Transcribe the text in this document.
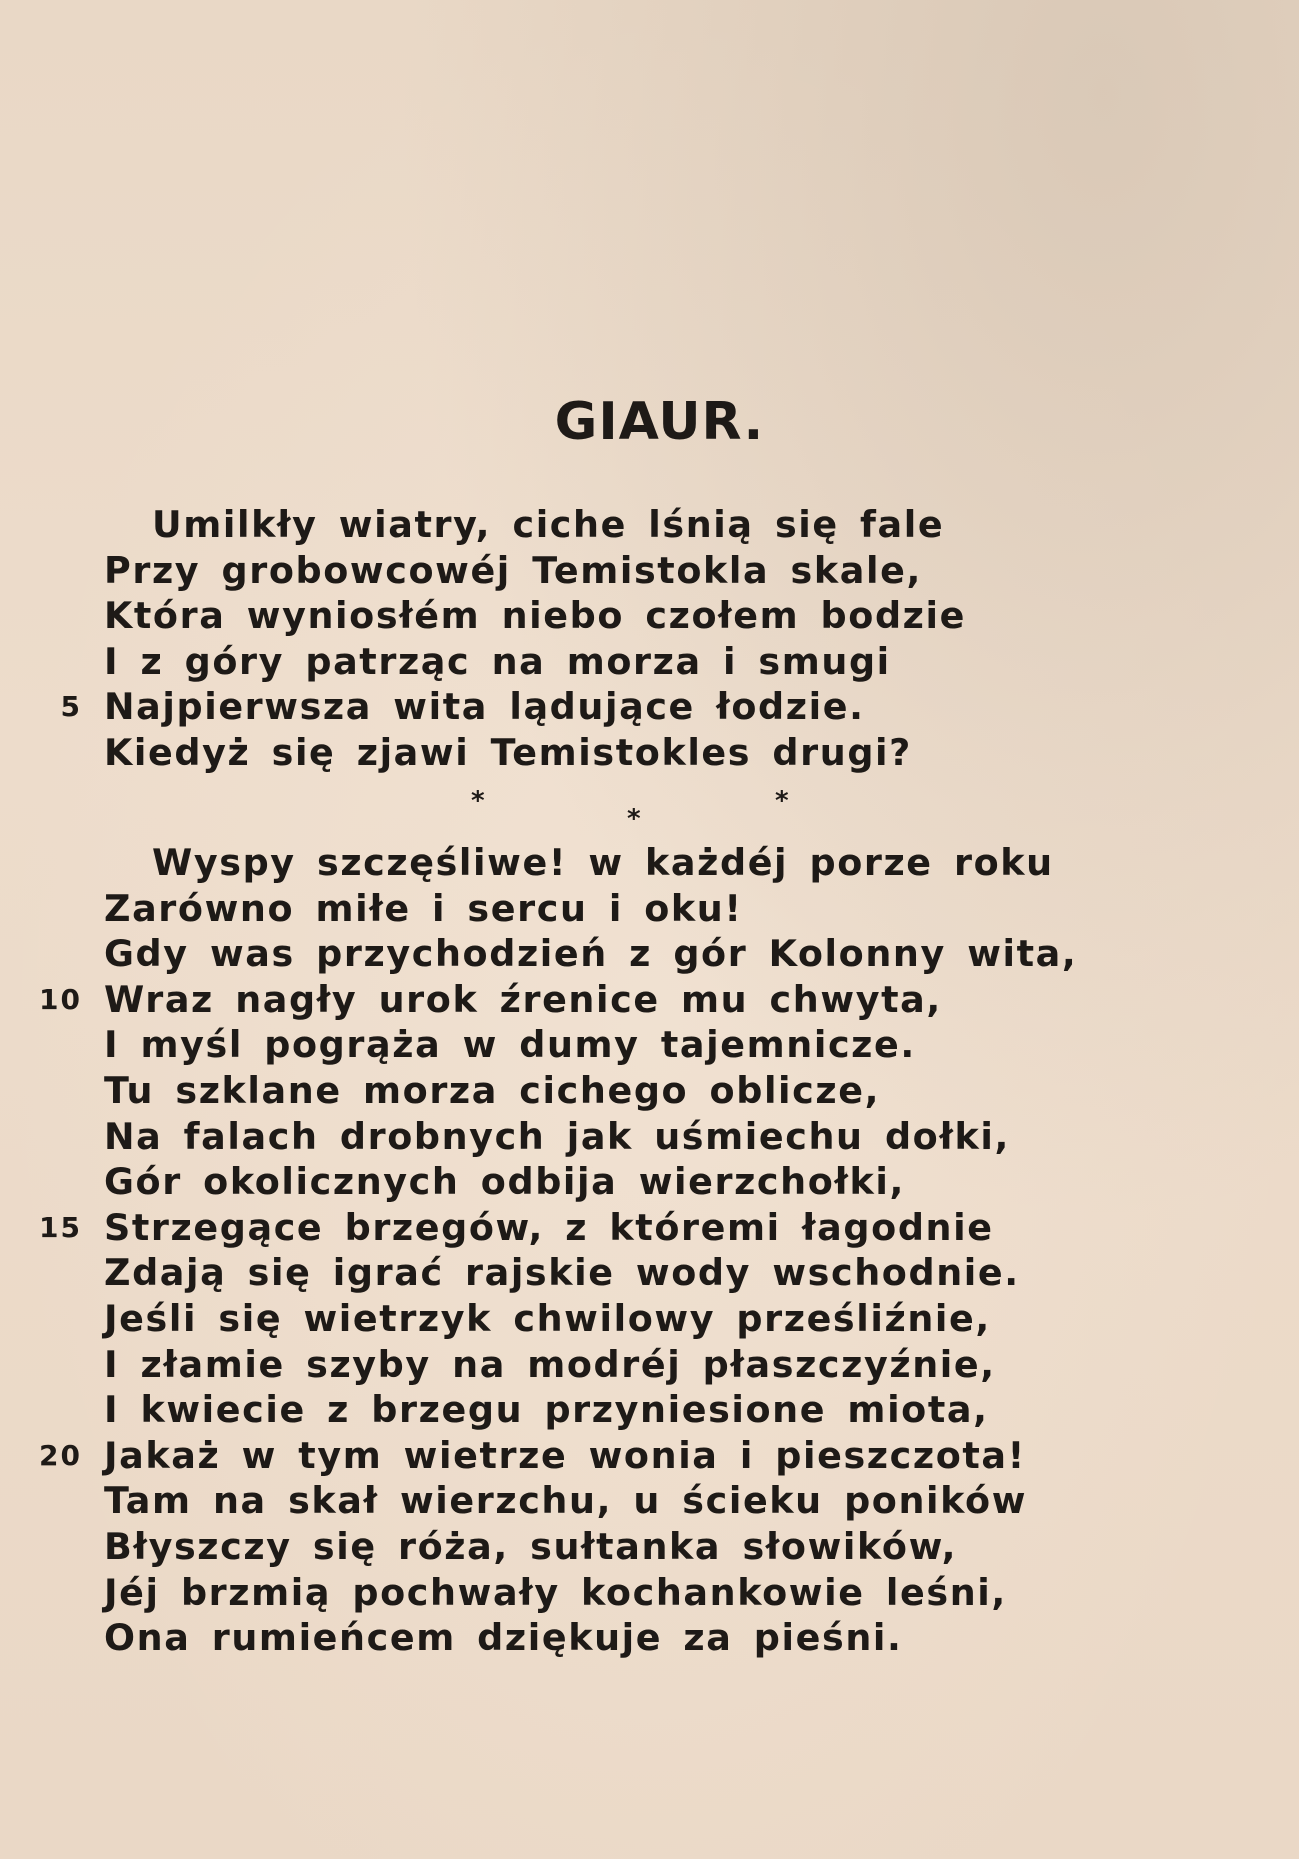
GIAUR.
Umilkły wiatry, ciche lśnią się fale
Przy grobowcowéj Temistokla skale,
Która wyniosłém niebo czołem bodzie
I z góry patrząc na morza i smugi
5 Najpierwsza wita lądujące łodzie.
Kiedyż się zjawi Temistokles drugi?
*
*
*
Wyspy szczęśliwe! w każdéj porze roku
Zarówno miłe i sercu i oku!
Gdy was przychodzień z gór Kolonny wita,
10 Wraz nagły urok źrenice mu chwyta,
I myśl pogrąża w dumy tajemnicze.
Tu szklane morza cichego oblicze,
Na falach drobnych jak uśmiechu dołki,
Gór okolicznych odbija wierzchołki,
15 Strzegące brzegów, z któremi łagodnie
Zdają się igrać rajskie wody wschodnie.
Jeśli się wietrzyk chwilowy prześliźnie,
I złamie szyby na modréj płaszczyźnie,
I kwiecie z brzegu przyniesione miota,
20 Jakaż w tym wietrze wonia i pieszczota!
Tam na skał wierzchu, u ścieku poników
Błyszczy się róża, sułtanka słowików,
Jéj brzmią pochwały kochankowie leśni,
Ona rumieńcem dziękuje za pieśni.
